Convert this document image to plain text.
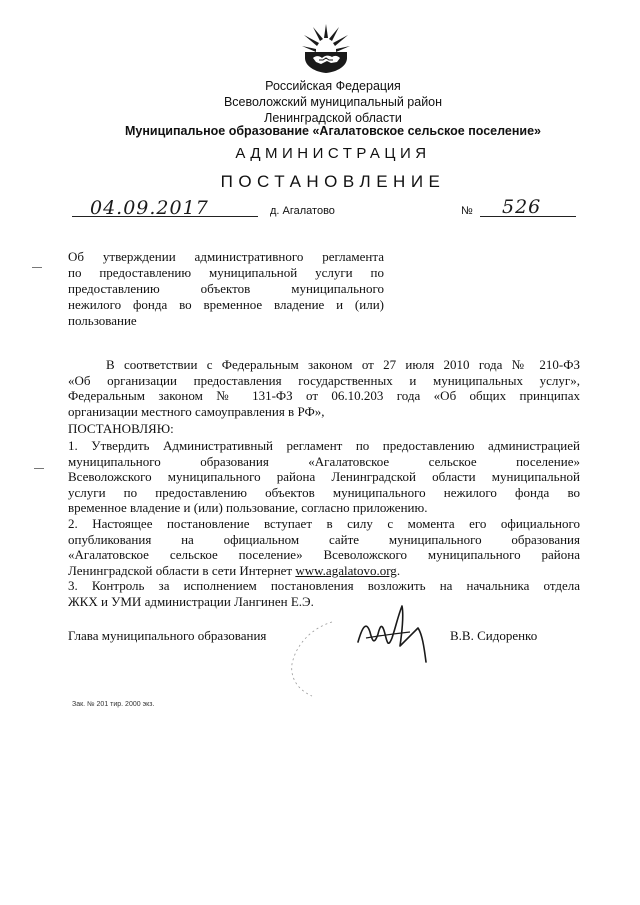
Российская Федерация
Всеволожский муниципальный район
Ленинградской области
Муниципальное образование «Агалатовское сельское поселение»
АДМИНИСТРАЦИЯ
ПОСТАНОВЛЕНИЕ
04.09.2017	д. Агалатово	№ 526
Об утверждении административного регламента
по предоставлению муниципальной услуги по
предоставлению объектов муниципального
нежилого фонда во временное владение и (или)
пользование
В соответствии с Федеральным законом от 27 июля 2010 года № 210-ФЗ
«Об организации предоставления государственных и муниципальных услуг»,
Федеральным законом № 131-ФЗ от 06.10.203 года «Об общих принципах
организации местного самоуправления в РФ»,
ПОСТАНОВЛЯЮ:
1. Утвердить Административный регламент по предоставлению администрацией
муниципального образования «Агалатовское сельское поселение»
Всеволожского муниципального района Ленинградской области муниципальной
услуги по предоставлению объектов муниципального нежилого фонда во
временное владение и (или) пользование, согласно приложению.
2. Настоящее постановление вступает в силу с момента его официального
опубликования на официальном сайте муниципального образования
«Агалатовское сельское поселение» Всеволожского муниципального района
Ленинградской области в сети Интернет www.agalatovo.org.
3. Контроль за исполнением постановления возложить на начальника отдела
ЖКХ и УМИ администрации Лангинен Е.Э.
Глава муниципального образования	В.В. Сидоренко
Зак. № 201 тир. 2000 экз.
